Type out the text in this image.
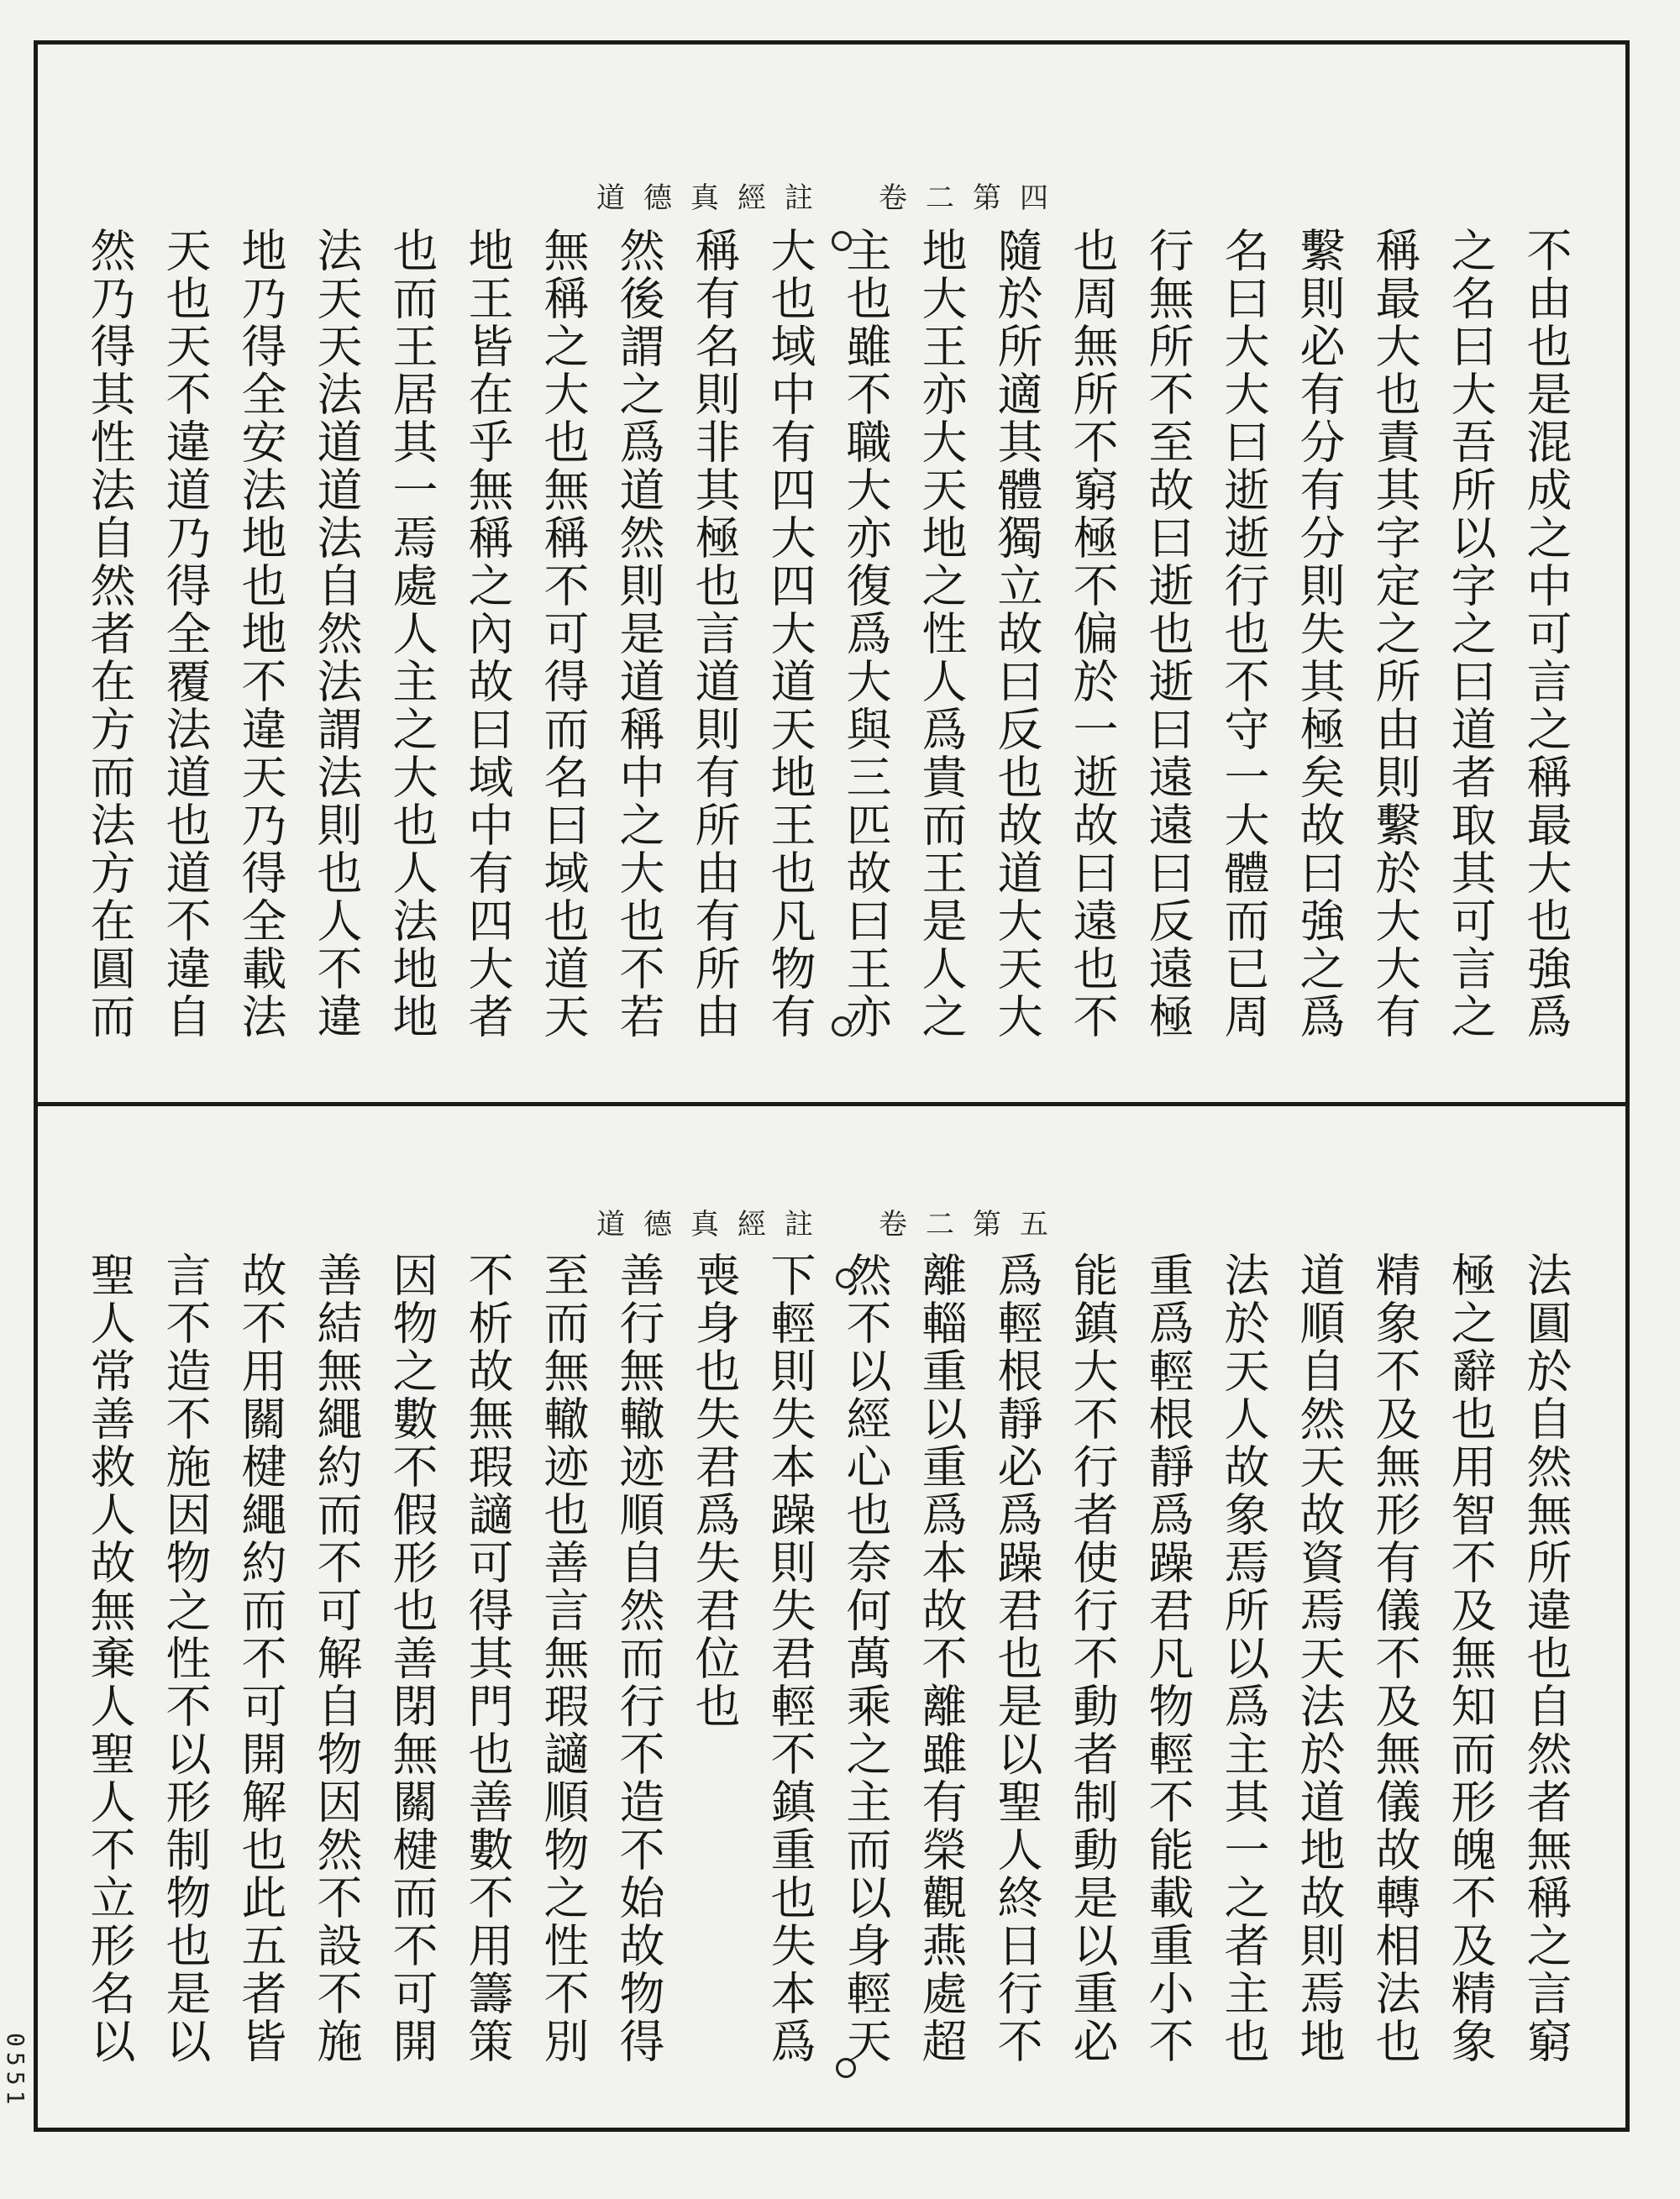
道德真經註　卷二第四
不由也是混成之中可言之稱最大也強爲
之名曰大吾所以字之曰道者取其可言之
稱最大也責其字定之所由則繫於大大有
繫則必有分有分則失其極矣故曰強之爲
名曰大大曰逝逝行也不守一大體而已周
行無所不至故曰逝也逝曰遠遠曰反遠極
也周無所不窮極不偏於一逝故曰遠也不
隨於所適其體獨立故曰反也故道大天大
地大王亦大天地之性人爲貴而王是人之
主也雖不職大亦復爲大與三匹故曰王亦
大也域中有四大四大道天地王也凡物有
稱有名則非其極也言道則有所由有所由
然後謂之爲道然則是道稱中之大也不若
無稱之大也無稱不可得而名曰域也道天
地王皆在乎無稱之內故曰域中有四大者
也而王居其一焉處人主之大也人法地地
法天天法道道法自然法謂法則也人不違
地乃得全安法地也地不違天乃得全載法
天也天不違道乃得全覆法道也道不違自
然乃得其性法自然者在方而法方在圓而
道德真經註　卷二第五
法圓於自然無所違也自然者無稱之言窮
極之辭也用智不及無知而形魄不及精象
精象不及無形有儀不及無儀故轉相法也
道順自然天故資焉天法於道地故則焉地
法於天人故象焉所以爲主其一之者主也
重爲輕根靜爲躁君凡物輕不能載重小不
能鎮大不行者使行不動者制動是以重必
爲輕根靜必爲躁君也是以聖人終日行不
離輜重以重爲本故不離雖有榮觀燕處超
然不以經心也奈何萬乘之主而以身輕天
下輕則失本躁則失君輕不鎮重也失本爲
喪身也失君爲失君位也
善行無轍迹順自然而行不造不始故物得
至而無轍迹也善言無瑕讁順物之性不別
不析故無瑕讁可得其門也善數不用籌策
因物之數不假形也善閉無關楗而不可開
善結無繩約而不可解自物因然不設不施
故不用關楗繩約而不可開解也此五者皆
言不造不施因物之性不以形制物也是以
聖人常善救人故無棄人聖人不立形名以
0551
